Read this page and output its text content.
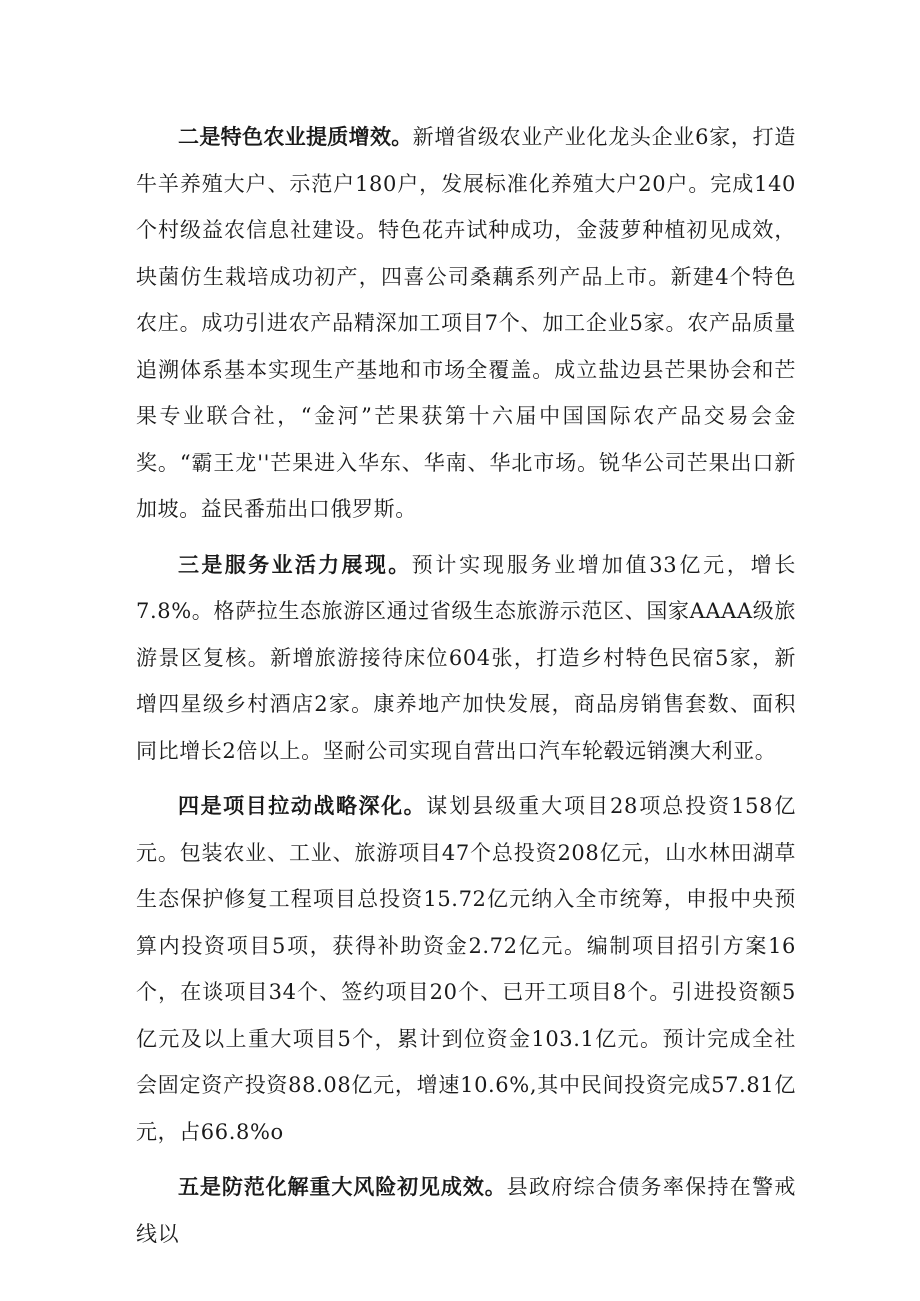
二是特色农业提质增效。新增省级农业产业化龙头企业6家，打造牛羊养殖大户、示范户180户，发展标准化养殖大户20户。完成140个村级益农信息社建设。特色花卉试种成功，金菠萝种植初见成效，块菌仿生栽培成功初产，四喜公司桑藕系列产品上市。新建4个特色农庄。成功引进农产品精深加工项目7个、加工企业5家。农产品质量追溯体系基本实现生产基地和市场全覆盖。成立盐边县芒果协会和芒果专业联合社，“金河”芒果获第十六届中国国际农产品交易会金奖。“霸王龙''芒果进入华东、华南、华北市场。锐华公司芒果出口新加坡。益民番茄出口俄罗斯。

三是服务业活力展现。预计实现服务业增加值33亿元，增长7.8%。格萨拉生态旅游区通过省级生态旅游示范区、国家AAAA级旅游景区复核。新增旅游接待床位604张，打造乡村特色民宿5家，新增四星级乡村酒店2家。康养地产加快发展，商品房销售套数、面积同比增长2倍以上。坚耐公司实现自营出口汽车轮毂远销澳大利亚。

四是项目拉动战略深化。谋划县级重大项目28项总投资158亿元。包装农业、工业、旅游项目47个总投资208亿元，山水林田湖草生态保护修复工程项目总投资15.72亿元纳入全市统筹，申报中央预算内投资项目5项，获得补助资金2.72亿元。编制项目招引方案16个，在谈项目34个、签约项目20个、已开工项目8个。引进投资额5亿元及以上重大项目5个，累计到位资金103.1亿元。预计完成全社会固定资产投资88.08亿元，增速10.6%,其中民间投资完成57.81亿元，占66.8%o

五是防范化解重大风险初见成效。县政府综合债务率保持在警戒线以
